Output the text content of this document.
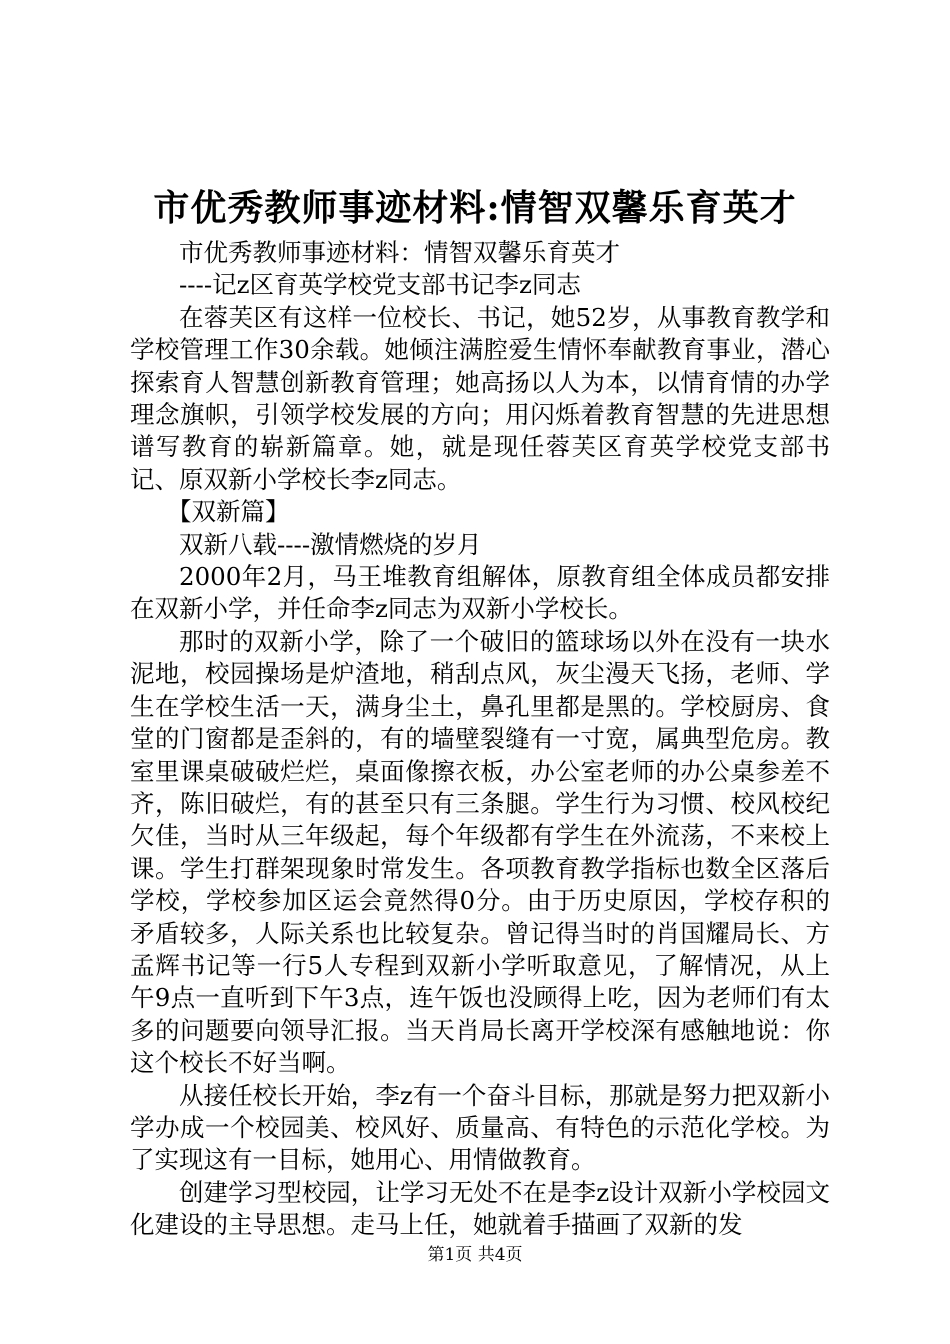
市优秀教师事迹材料:情智双馨乐育英才

市优秀教师事迹材料：情智双馨乐育英才

----记z区育英学校党支部书记李z同志

在蓉芙区有这样一位校长、书记，她52岁，从事教育教学和学校管理工作30余载。她倾注满腔爱生情怀奉献教育事业，潜心探索育人智慧创新教育管理；她高扬以人为本，以情育情的办学理念旗帜，引领学校发展的方向；用闪烁着教育智慧的先进思想谱写教育的崭新篇章。她，就是现任蓉芙区育英学校党支部书记、原双新小学校长李z同志。

【双新篇】

双新八载----激情燃烧的岁月

2000年2月，马王堆教育组解体，原教育组全体成员都安排在双新小学，并任命李z同志为双新小学校长。

那时的双新小学，除了一个破旧的篮球场以外在没有一块水泥地，校园操场是炉渣地，稍刮点风，灰尘漫天飞扬，老师、学生在学校生活一天，满身尘土，鼻孔里都是黑的。学校厨房、食堂的门窗都是歪斜的，有的墙壁裂缝有一寸宽，属典型危房。教室里课桌破破烂烂，桌面像擦衣板，办公室老师的办公桌参差不齐，陈旧破烂，有的甚至只有三条腿。学生行为习惯、校风校纪欠佳，当时从三年级起，每个年级都有学生在外流荡，不来校上课。学生打群架现象时常发生。各项教育教学指标也数全区落后学校，学校参加区运会竟然得0分。由于历史原因，学校存积的矛盾较多，人际关系也比较复杂。曾记得当时的肖国耀局长、方孟辉书记等一行5人专程到双新小学听取意见，了解情况，从上午9点一直听到下午3点，连午饭也没顾得上吃，因为老师们有太多的问题要向领导汇报。当天肖局长离开学校深有感触地说：你这个校长不好当啊。

从接任校长开始，李z有一个奋斗目标，那就是努力把双新小学办成一个校园美、校风好、质量高、有特色的示范化学校。为了实现这有一目标，她用心、用情做教育。

创建学习型校园，让学习无处不在是李z设计双新小学校园文化建设的主导思想。走马上任，她就着手描画了双新的发

第1页 共4页
